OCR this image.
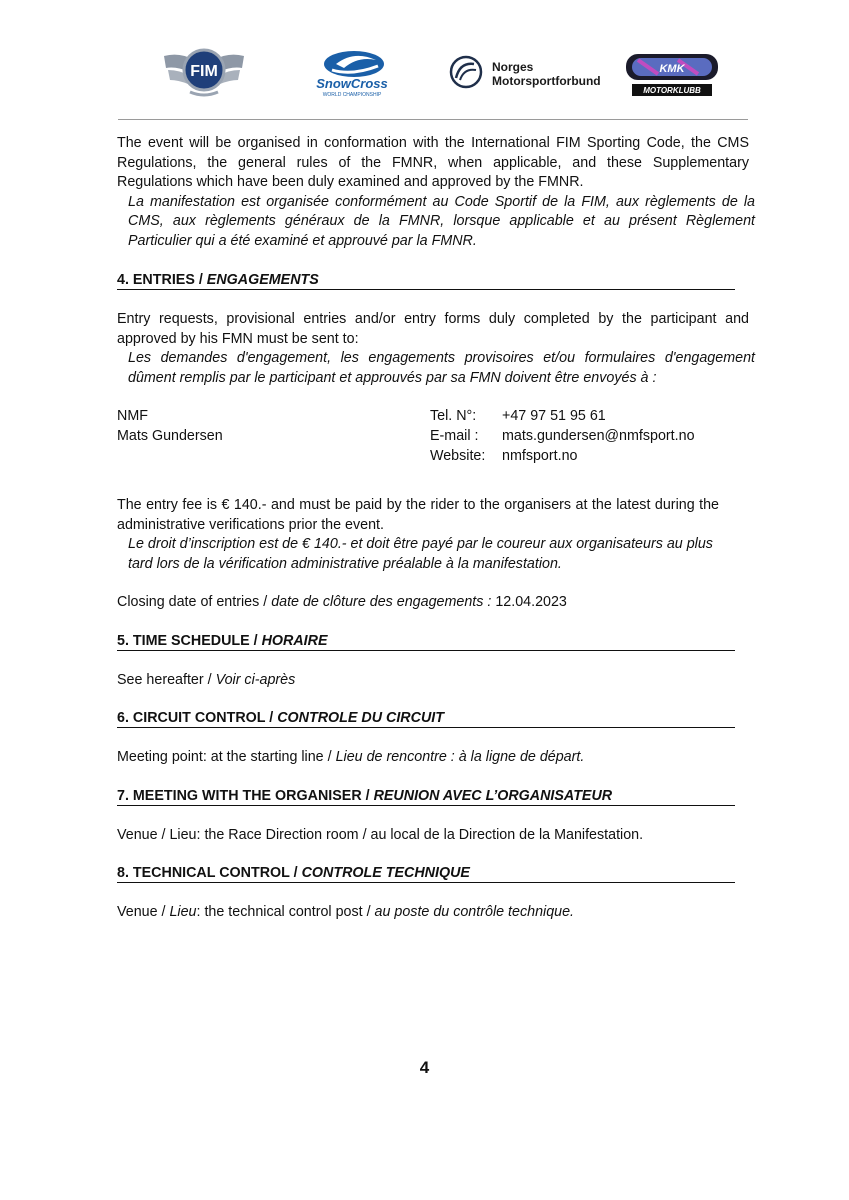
FIM
SnowCross
WORLD CHAMPIONSHIP
Norges
Motorsportforbund
KMK
MOTORKLUBB

The event will be organised in conformation with the International FIM Sporting Code, the CMS Regulations, the general rules of the FMNR, when applicable, and these Supplementary Regulations which have been duly examined and approved by the FMNR.

La manifestation est organisée conformément au Code Sportif de la FIM, aux règlements de la CMS, aux règlements généraux de la FMNR, lorsque applicable et au présent Règlement Particulier qui a été examiné et approuvé par la FMNR.

4. ENTRIES / ENGAGEMENTS

Entry requests, provisional entries and/or entry forms duly completed by the participant and approved by his FMN must be sent to:

Les demandes d'engagement, les engagements provisoires et/ou formulaires d'engagement dûment remplis par le participant et approuvés par sa FMN doivent être envoyés à :

NMF
Mats Gundersen
Tel. N°: +47 97 51 95 61
E-mail : mats.gundersen@nmfsport.no
Website: nmfsport.no

The entry fee is € 140.- and must be paid by the rider to the organisers at the latest during the administrative verifications prior the event.

Le droit d’inscription est de € 140.- et doit être payé par le coureur aux organisateurs au plus

tard lors de la vérification administrative préalable à la manifestation.

Closing date of entries / date de clôture des engagements : 12.04.2023

5. TIME SCHEDULE / HORAIRE

See hereafter / Voir ci-après

6. CIRCUIT CONTROL / CONTROLE DU CIRCUIT

Meeting point: at the starting line / Lieu de rencontre : à la ligne de départ.

7. MEETING WITH THE ORGANISER / REUNION AVEC L’ORGANISATEUR

Venue / Lieu: the Race Direction room / au local de la Direction de la Manifestation.

8. TECHNICAL CONTROL / CONTROLE TECHNIQUE

Venue / Lieu: the technical control post / au poste du contrôle technique.

4
